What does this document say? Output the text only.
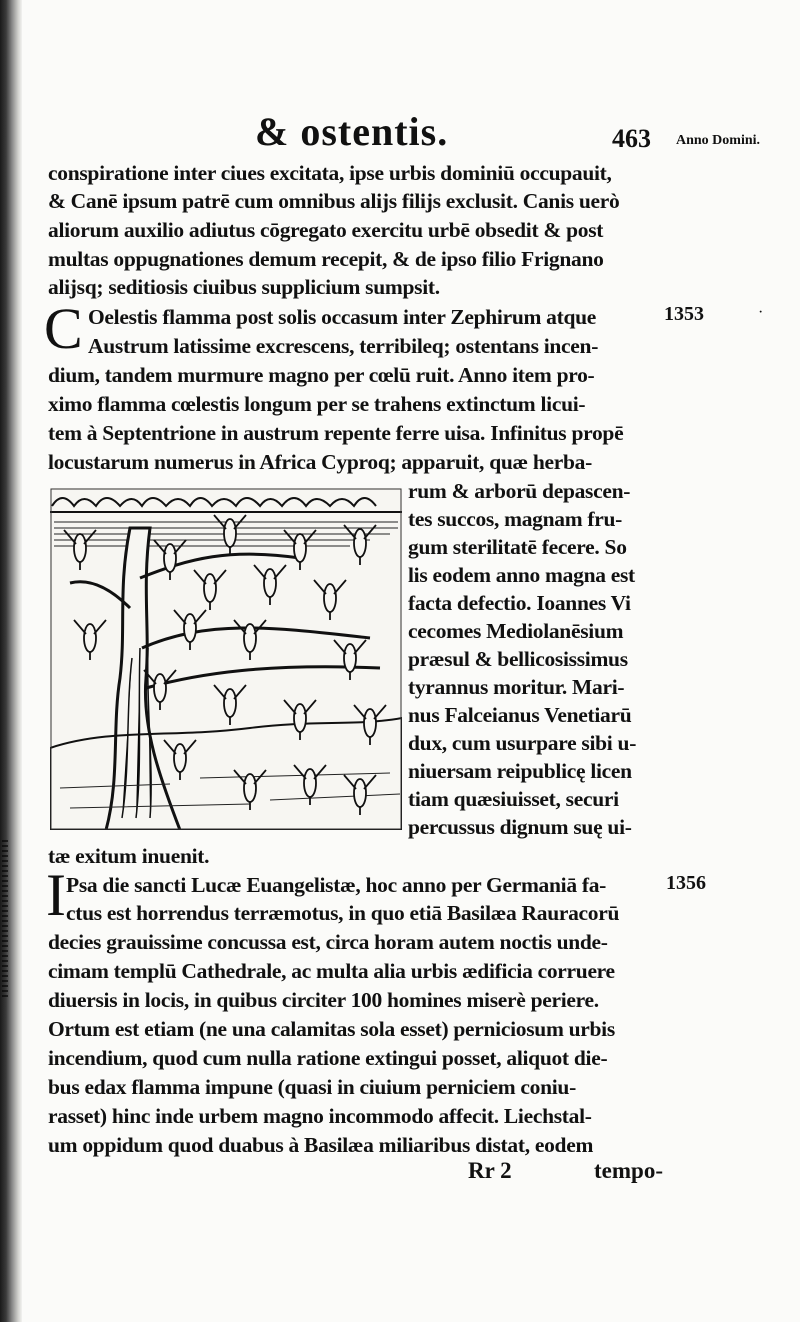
& ostentis.	463 Anno Domini.
1353	·
1356
conspiratione inter ciues excitata, ipse urbis dominiū occupauit,
& Canē ipsum patrē cum omnibus alijs filijs exclusit. Canis uerò
aliorum auxilio adiutus cōgregato exercitu urbē obsedit & post
multas oppugnationes demum recepit, & de ipso filio Frignano
alijsq; seditiosis ciuibus supplicium sumpsit.
C Oelestis flamma post solis occasum inter Zephirum atque
Austrum latissime excrescens, terribileq; ostentans incen-
dium, tandem murmure magno per cœlū ruit. Anno item pro-
ximo flamma cœlestis longum per se trahens extinctum licui-
tem à Septentrione in austrum repente ferre uisa. Infinitus propē
locustarum numerus in Africa Cyproq; apparuit, quæ herba-
rum & arborū depascen-
tes succos, magnam fru-
gum sterilitatē fecere. So
lis eodem anno magna est
facta defectio. Ioannes Vi
cecomes Mediolanēsium
præsul & bellicosissimus
tyrannus moritur. Mari-
nus Falceianus Venetiarū
dux, cum usurpare sibi u-
niuersam reipublicę licen
tiam quæsiuisset, securi
percussus dignum suę ui-
tæ exitum inuenit.
I Psa die sancti Lucæ Euangelistæ, hoc anno per Germaniā fa-
ctus est horrendus terræmotus, in quo etiā Basilæa Rauracorū
decies grauissime concussa est, circa horam autem noctis unde-
cimam templū Cathedrale, ac multa alia urbis ædificia corruere
diuersis in locis, in quibus circiter 100 homines miserè periere.
Ortum est etiam (ne una calamitas sola esset) perniciosum urbis
incendium, quod cum nulla ratione extingui posset, aliquot die-
bus edax flamma impune (quasi in ciuium perniciem coniu-
rasset) hinc inde urbem magno incommodo affecit. Liechstal-
um oppidum quod duabus à Basilæa miliaribus distat, eodem
Rr 2	tempo-
